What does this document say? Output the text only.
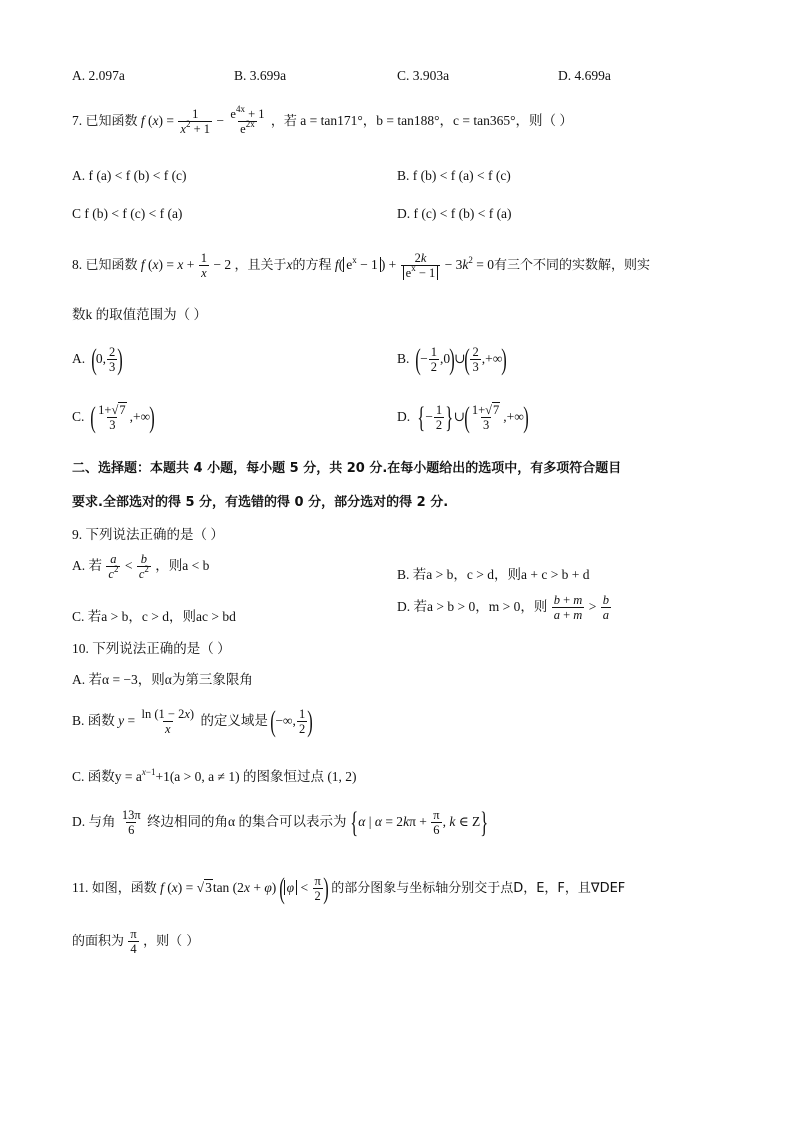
A. 2.097a	B. 3.699a	C. 3.903a	D. 4.699a
7. 已知函数 f $(x) = \frac{1}{x^2 + 1} - \frac{e^{4x} + 1}{e^{2x}}$ ，若 a = tan171°，b = tan188°，c = tan365°，则（ ）
A. f (a) < f (b) < f (c)	B. f (b) < f (a) < f (c)
C f (b) < f (c) < f (a)	D. f (c) < f (b) < f (a)
8. 已知函数 f $(x) = x + \frac{1}{x} - 2$ ，且关于x的方程 f( $e^x - 1$ ) + $\frac{2k}{e^x - 1} - 3k^2 = 0$有三个不同的实数解，则实
数k 的取值范围为（ ）
A.  (0, $\frac{2}{3}$ )	B.  (− $\frac{1}{2}$ ,0)∪( $\frac{2}{3}$ ,+∞)
C.  ( $\frac{1+√7}{3}$ ,+∞)	D.  {− $\frac{1}{2}$ }∪( $\frac{1+√7}{3}$ ,+∞)
二、选择题：本题共 4 小题，每小题 5 分，共 20 分.在每小题给出的选项中，有多项符合题目
要求.全部选对的得 5 分，有选错的得 0 分，部分选对的得 2 分.
9. 下列说法正确的是（ ）
A. 若 $\frac{a}{c^2} < \frac{b}{c^2}$ ，则a < b
B. 若a > b，c > d，则a + c > b + d
C. 若a > b，c > d，则ac > bd
D. 若a > b > 0，m > 0，则 $\frac{b + m}{a + m} > \frac{b}{a}$
10. 下列说法正确的是（ ）
A. 若α = −3，则α为第三象限角
B. 函数 $y = \frac{\ln (1 - 2x)}{x}$ 的定义域是 (−∞, $\frac{1}{2}$ )
C. 函数$y = a^{x-1}+1(a > 0$, a ≠ 1) 的图象恒过点 (1, 2)
D. 与角 $\frac{13\pi}{6}$ 终边相同的角α 的集合可以表示为 {α | $\alpha = 2k\pi + \frac{\pi}{6}$ , k ∈ Z}
11. 如图，函数 f (x) = √3tan (2x + φ) ( $\varphi < \frac{\pi}{2}$ ) 的部分图象与坐标轴分别交于点D，E，F，且∇DEF
的面积为 $\frac{\pi}{4}$ ，则（ ）
